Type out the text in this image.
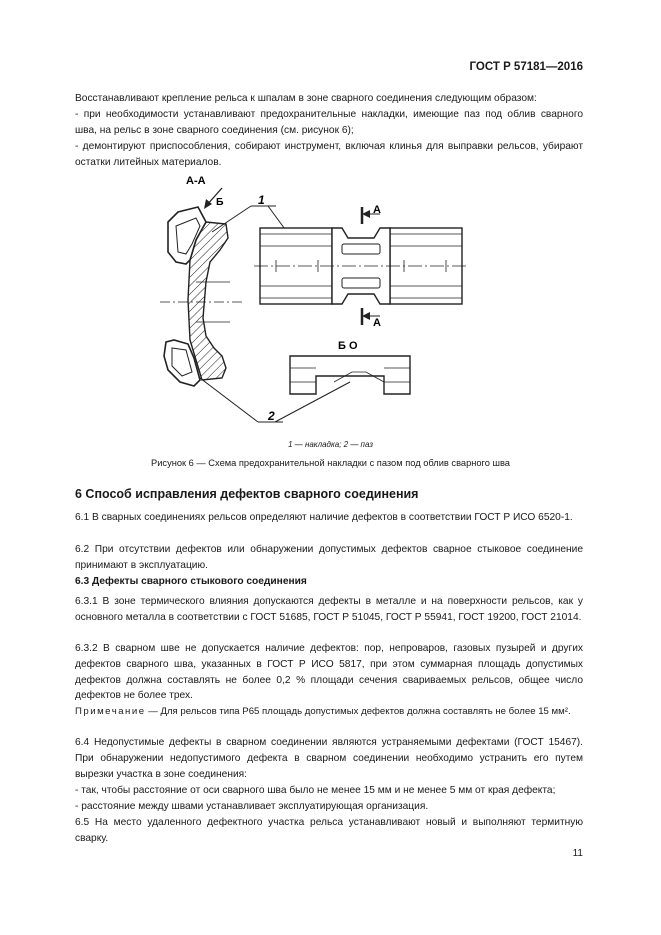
ГОСТ Р 57181—2016

Восстанавливают крепление рельса к шпалам в зоне сварного соединения следующим образом:

- при необходимости устанавливают предохранительные накладки, имеющие паз под облив сварного шва, на рельс в зоне сварного соединения (см. рисунок 6);

- демонтируют приспособления, собирают инструмент, включая клинья для выправки рельсов, убирают остатки литейных материалов.

А-А
Б	1
2
А
А
Б О
1 — накладка; 2 — паз
Рисунок 6 — Схема предохранительной накладки с пазом под облив сварного шва
6 Способ исправления дефектов сварного соединения

6.1 В сварных соединениях рельсов определяют наличие дефектов в соответствии ГОСТ Р ИСО 6520-1.

6.2 При отсутствии дефектов или обнаружении допустимых дефектов сварное стыковое соединение принимают в эксплуатацию.

6.3 Дефекты сварного стыкового соединения

6.3.1 В зоне термического влияния допускаются дефекты в металле и на поверхности рельсов, как у основного металла в соответствии с ГОСТ 51685, ГОСТ Р 51045, ГОСТ Р 55941, ГОСТ 19200, ГОСТ 21014.

6.3.2 В сварном шве не допускается наличие дефектов: пор, непроваров, газовых пузырей и других дефектов сварного шва, указанных в ГОСТ Р ИСО 5817, при этом суммарная площадь допустимых дефектов должна составлять не более 0,2 % площади сечения свариваемых рельсов, общее число дефектов не более трех.

Примечание — Для рельсов типа Р65 площадь допустимых дефектов должна составлять не более 15 мм².

6.4 Недопустимые дефекты в сварном соединении являются устраняемыми дефектами (ГОСТ 15467). При обнаружении недопустимого дефекта в сварном соединении необходимо устранить его путем вырезки участка в зоне соединения:

- так, чтобы расстояние от оси сварного шва было не менее 15 мм и не менее 5 мм от края дефекта;

- расстояние между швами устанавливает эксплуатирующая организация.

6.5 На место удаленного дефектного участка рельса устанавливают новый и выполняют термитную сварку.

11
